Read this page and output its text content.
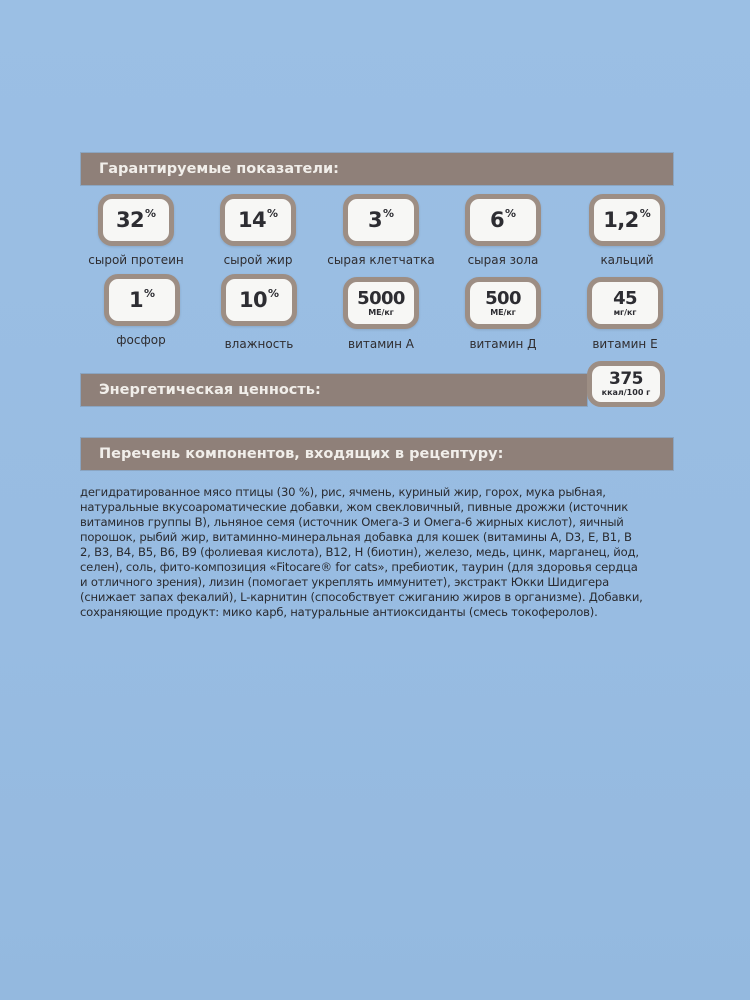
Гарантируемые показатели:
32 %
сырой протеин
14 %
сырой жир
3 %
сырая клетчатка
6 %
сырая зола
1,2 %
кальций
1 %
фосфор
10 %
влажность
5000
МЕ/кг
витамин А
500
МЕ/кг
витамин Д
45
мг/кг
витамин Е
Энергетическая ценность:
375
ккал/100 г
Перечень компонентов, входящих в рецептуру:
дегидратированное мясо птицы (30 %), рис, ячмень, куриный жир, горох, мука рыбная,
натуральные вкусоароматические добавки, жом свекловичный, пивные дрожжи (источник
витаминов группы В), льняное семя (источник Омега-3 и Омега-6 жирных кислот), яичный
порошок, рыбий жир, витаминно-минеральная добавка для кошек (витамины А, D3, Е, В1, В
2, В3, В4, В5, В6, В9 (фолиевая кислота), В12, Н (биотин), железо, медь, цинк, марганец, йод,
селен), соль, фито-композиция «Fitocare® for cats», пребиотик, таурин (для здоровья сердца
и отличного зрения), лизин (помогает укреплять иммунитет), экстракт Юкки Шидигера
(снижает запах фекалий), L-карнитин (способствует сжиганию жиров в организме). Добавки,
сохраняющие продукт: мико карб, натуральные антиоксиданты (смесь токоферолов).
